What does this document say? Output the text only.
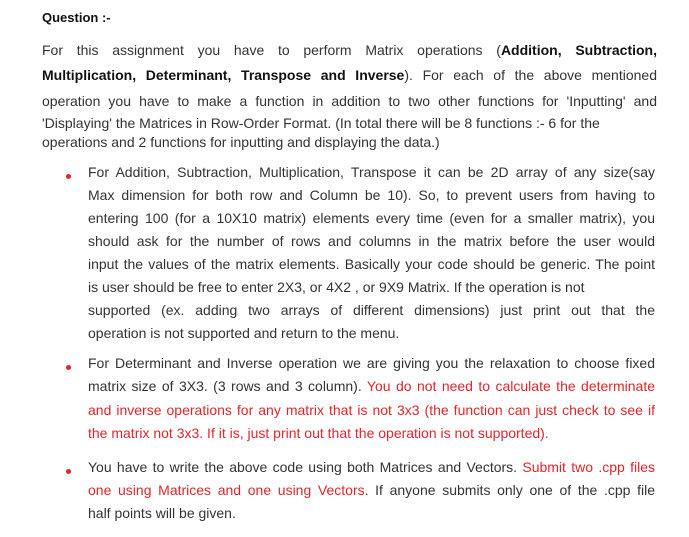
Question :-
For this assignment you have to perform Matrix operations (Addition, Subtraction,
Multiplication, Determinant, Transpose and Inverse). For each of the above mentioned
operation you have to make a function in addition to two other functions for 'Inputting' and
'Displaying' the Matrices in Row-Order Format. (In total there will be 8 functions :- 6 for the
operations and 2 functions for inputting and displaying the data.)
For Addition, Subtraction, Multiplication, Transpose it can be 2D array of any size(say
Max dimension for both row and Column be 10). So, to prevent users from having to
entering 100 (for a 10X10 matrix) elements every time (even for a smaller matrix), you
should ask for the number of rows and columns in the matrix before the user would
input the values of the matrix elements. Basically your code should be generic. The point
is user should be free to enter 2X3, or 4X2 , or 9X9 Matrix. If the operation is not
supported (ex. adding two arrays of different dimensions) just print out that the
operation is not supported and return to the menu.
For Determinant and Inverse operation we are giving you the relaxation to choose fixed
matrix size of 3X3. (3 rows and 3 column). You do not need to calculate the determinate
and inverse operations for any matrix that is not 3x3 (the function can just check to see if
the matrix not 3x3. If it is, just print out that the operation is not supported).
You have to write the above code using both Matrices and Vectors. Submit two .cpp files
one using Matrices and one using Vectors. If anyone submits only one of the .cpp file
half points will be given.
